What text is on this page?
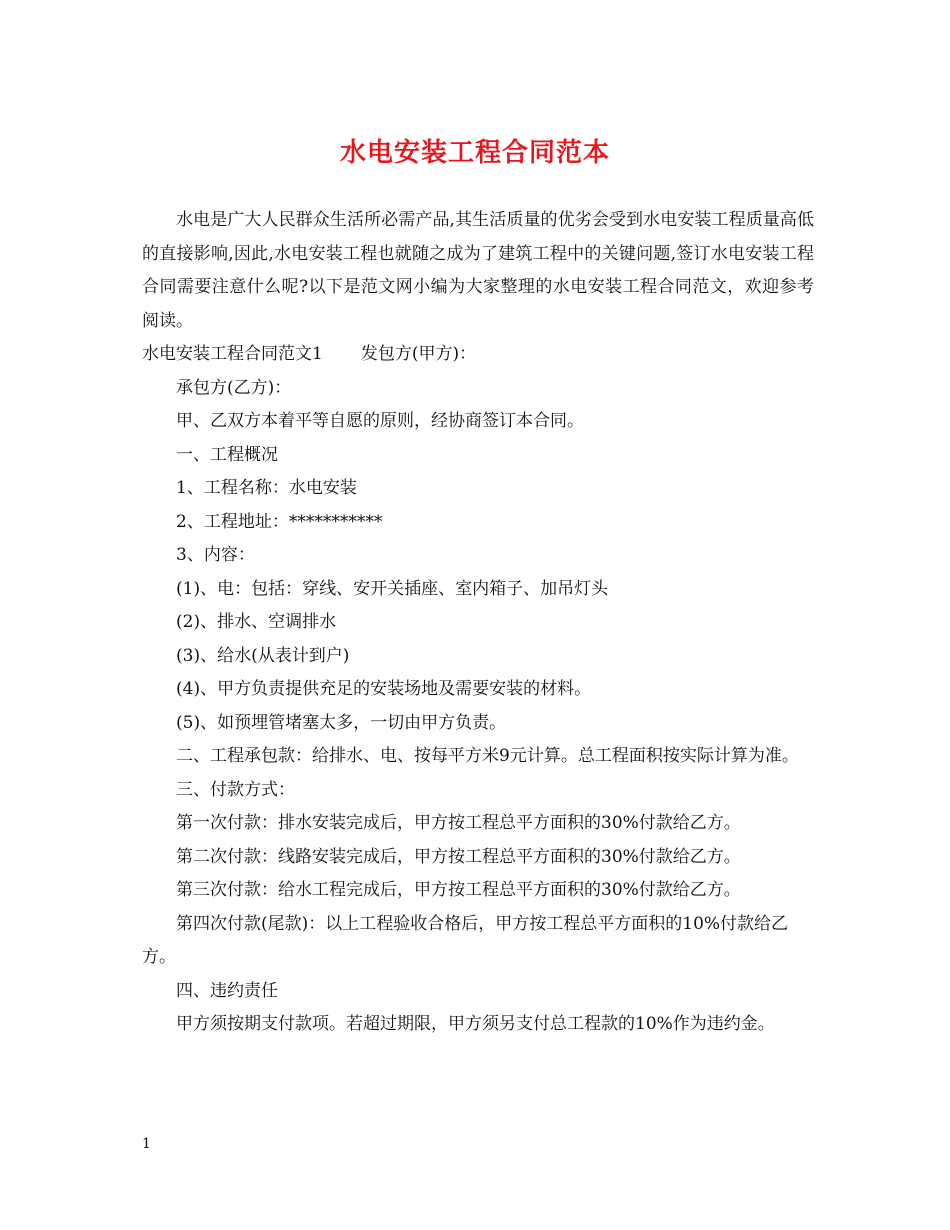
水电安装工程合同范本

水电是广大人民群众生活所必需产品,其生活质量的优劣会受到水电安装工程质量高低的直接影响,因此,水电安装工程也就随之成为了建筑工程中的关键问题,签订水电安装工程合同需要注意什么呢?以下是范文网小编为大家整理的水电安装工程合同范文，欢迎参考阅读。

水电安装工程合同范文1 发包方(甲方)：

承包方(乙方)：

甲、乙双方本着平等自愿的原则，经协商签订本合同。

一、工程概况

1、工程名称：水电安装

2、工程地址：***********

3、内容：

(1)、电：包括：穿线、安开关插座、室内箱子、加吊灯头

(2)、排水、空调排水

(3)、给水(从表计到户)

(4)、甲方负责提供充足的安装场地及需要安装的材料。

(5)、如预埋管堵塞太多，一切由甲方负责。

二、工程承包款：给排水、电、按每平方米9元计算。总工程面积按实际计算为准。

三、付款方式：

第一次付款：排水安装完成后，甲方按工程总平方面积的30%付款给乙方。

第二次付款：线路安装完成后，甲方按工程总平方面积的30%付款给乙方。

第三次付款：给水工程完成后，甲方按工程总平方面积的30%付款给乙方。

第四次付款(尾款)：以上工程验收合格后，甲方按工程总平方面积的10%付款给乙方。

四、违约责任

甲方须按期支付款项。若超过期限，甲方须另支付总工程款的10%作为违约金。

1
